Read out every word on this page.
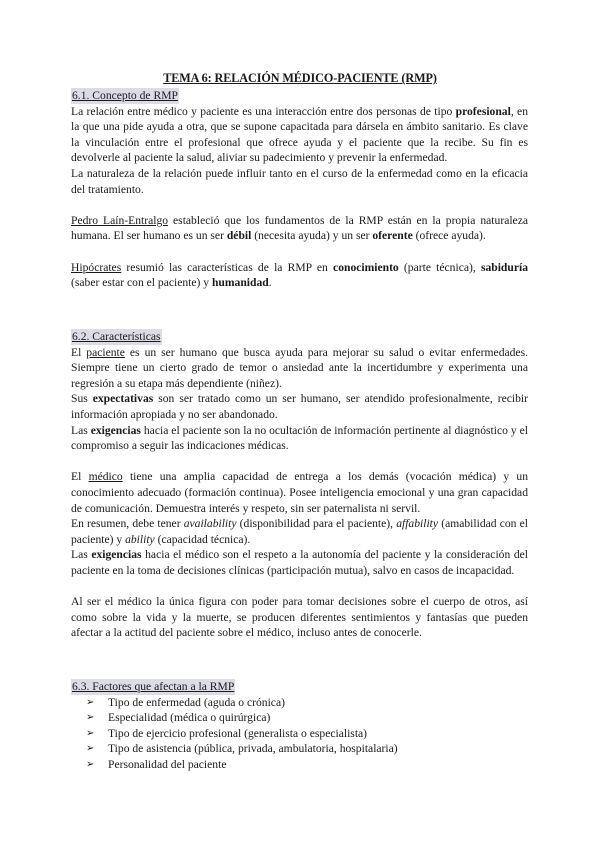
TEMA 6: RELACIÓN MÉDICO-PACIENTE (RMP)
6.1. Concepto de RMP

La relación entre médico y paciente es una interacción entre dos personas de tipo profesional, en la que una pide ayuda a otra, que se supone capacitada para dársela en ámbito sanitario. Es clave la vinculación entre el profesional que ofrece ayuda y el paciente que la recibe. Su fin es devolverle al paciente la salud, aliviar su padecimiento y prevenir la enfermedad.

La naturaleza de la relación puede influir tanto en el curso de la enfermedad como en la eficacia del tratamiento.

Pedro Laín-Entralgo estableció que los fundamentos de la RMP están en la propia naturaleza humana. El ser humano es un ser débil (necesita ayuda) y un ser oferente (ofrece ayuda).

Hipócrates resumió las características de la RMP en conocimiento (parte técnica), sabiduría (saber estar con el paciente) y humanidad.

6.2. Características

El paciente es un ser humano que busca ayuda para mejorar su salud o evitar enfermedades. Siempre tiene un cierto grado de temor o ansiedad ante la incertidumbre y experimenta una regresión a su etapa más dependiente (niñez).

Sus expectativas son ser tratado como un ser humano, ser atendido profesionalmente, recibir información apropiada y no ser abandonado.

Las exigencias hacia el paciente son la no ocultación de información pertinente al diagnóstico y el compromiso a seguir las indicaciones médicas.

El médico tiene una amplia capacidad de entrega a los demás (vocación médica) y un conocimiento adecuado (formación continua). Posee inteligencia emocional y una gran capacidad de comunicación. Demuestra interés y respeto, sin ser paternalista ni servil.

En resumen, debe tener availability (disponibilidad para el paciente), affability (amabilidad con el paciente) y ability (capacidad técnica).

Las exigencias hacia el médico son el respeto a la autonomía del paciente y la consideración del paciente en la toma de decisiones clínicas (participación mutua), salvo en casos de incapacidad.

Al ser el médico la única figura con poder para tomar decisiones sobre el cuerpo de otros, así como sobre la vida y la muerte, se producen diferentes sentimientos y fantasías que pueden afectar a la actitud del paciente sobre el médico, incluso antes de conocerle.

6.3. Factores que afectan a la RMP
➢ Tipo de enfermedad (aguda o crónica)
➢ Especialidad (médica o quirúrgica)
➢ Tipo de ejercicio profesional (generalista o especialista)
➢ Tipo de asistencia (pública, privada, ambulatoria, hospitalaria)
➢ Personalidad del paciente
